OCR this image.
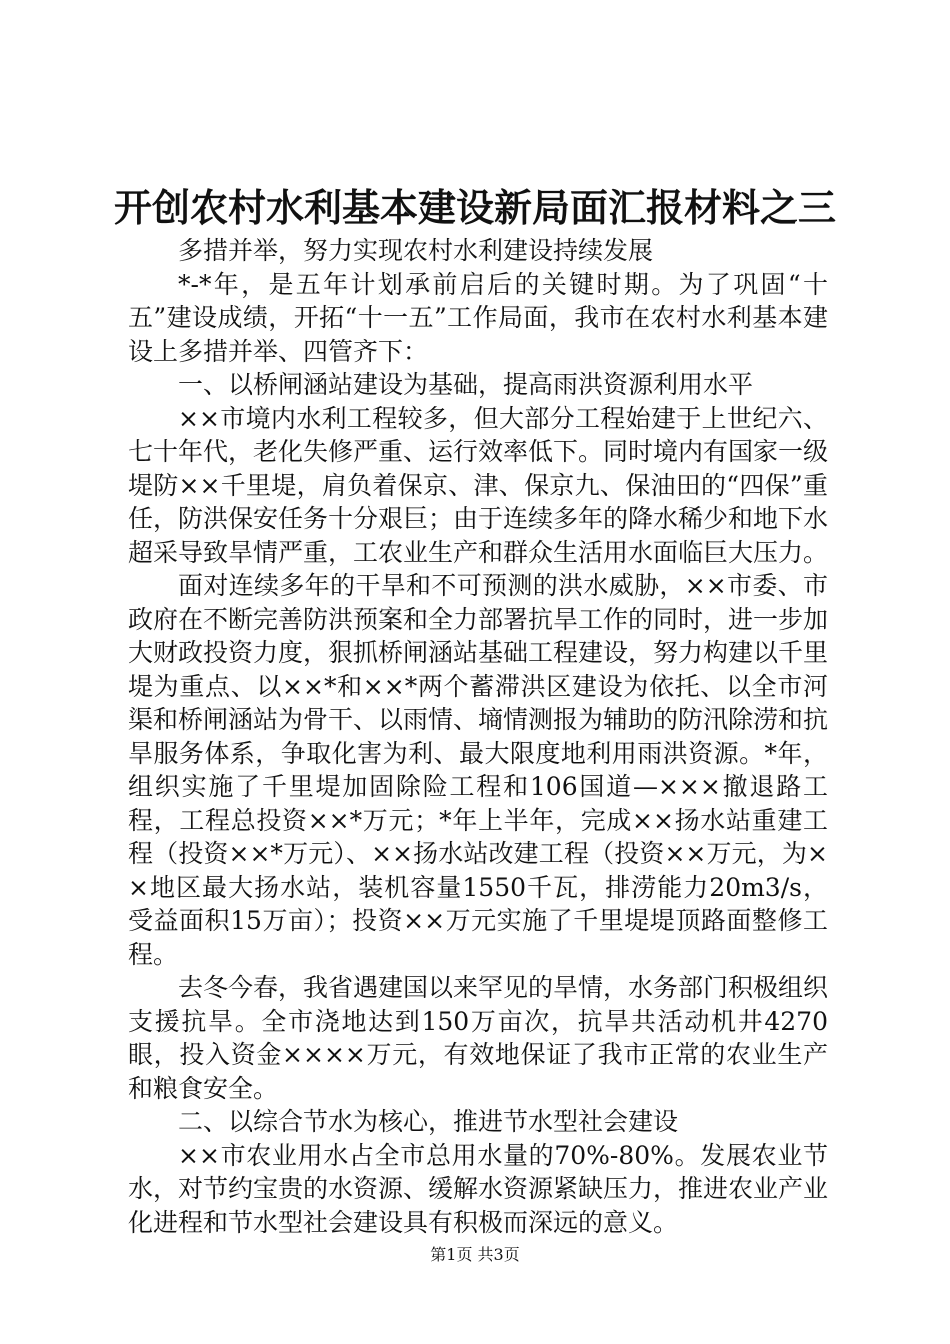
开创农村水利基本建设新局面汇报材料之三

多措并举，努力实现农村水利建设持续发展

*-*年，是五年计划承前启后的关键时期。为了巩固“十五”建设成绩，开拓“十一五”工作局面，我市在农村水利基本建设上多措并举、四管齐下：

一、以桥闸涵站建设为基础，提高雨洪资源利用水平

××市境内水利工程较多，但大部分工程始建于上世纪六、七十年代，老化失修严重、运行效率低下。同时境内有国家一级堤防××千里堤，肩负着保京、津、保京九、保油田的“四保”重任，防洪保安任务十分艰巨；由于连续多年的降水稀少和地下水超采导致旱情严重，工农业生产和群众生活用水面临巨大压力。

面对连续多年的干旱和不可预测的洪水威胁，××市委、市政府在不断完善防洪预案和全力部署抗旱工作的同时，进一步加大财政投资力度，狠抓桥闸涵站基础工程建设，努力构建以千里堤为重点、以××*和××*两个蓄滞洪区建设为依托、以全市河渠和桥闸涵站为骨干、以雨情、墒情测报为辅助的防汛除涝和抗旱服务体系，争取化害为利、最大限度地利用雨洪资源。*年，组织实施了千里堤加固除险工程和106国道—×××撤退路工程，工程总投资××*万元；*年上半年，完成××扬水站重建工程（投资××*万元）、××扬水站改建工程（投资××万元，为××地区最大扬水站，装机容量1550千瓦，排涝能力20m3/s，受益面积15万亩）；投资××万元实施了千里堤堤顶路面整修工程。

去冬今春，我省遇建国以来罕见的旱情，水务部门积极组织支援抗旱。全市浇地达到150万亩次，抗旱共活动机井4270眼，投入资金××××万元，有效地保证了我市正常的农业生产和粮食安全。

二、以综合节水为核心，推进节水型社会建设

××市农业用水占全市总用水量的70%-80%。发展农业节水，对节约宝贵的水资源、缓解水资源紧缺压力，推进农业产业化进程和节水型社会建设具有积极而深远的意义。

第1页 共3页
